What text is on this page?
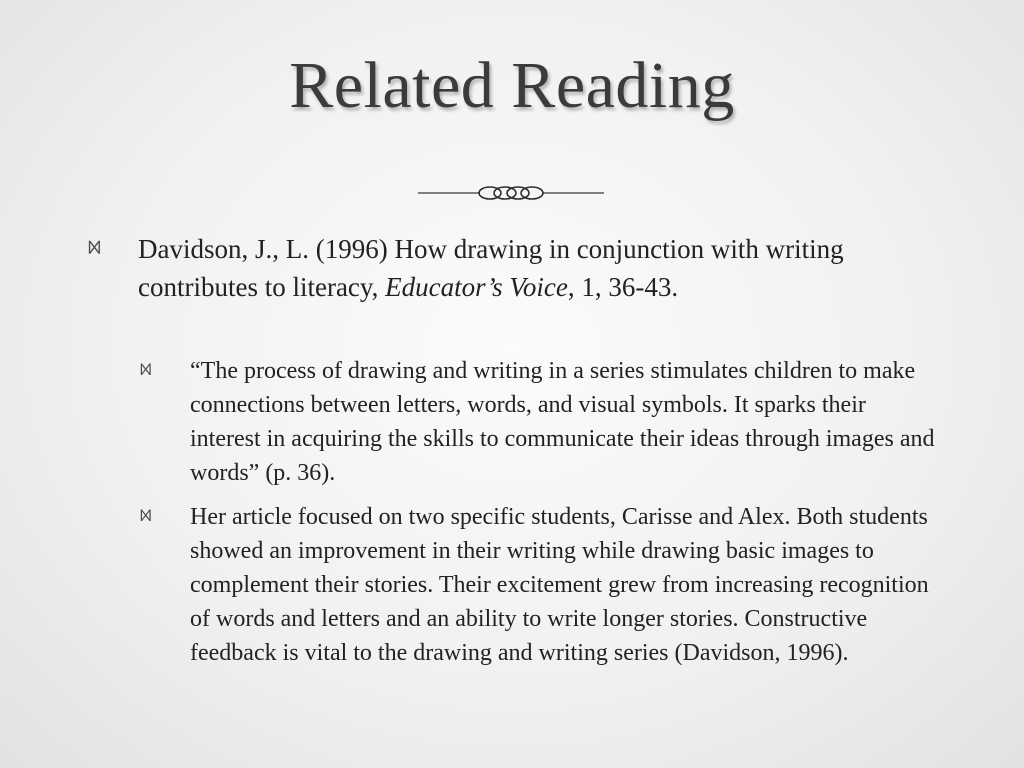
Related Reading
ᢂ	Davidson, J., L. (1996) How drawing in conjunction with writing contributes to literacy, Educator’s Voice, 1, 36-43.
ᢂ	“The process of drawing and writing in a series stimulates children to make connections between letters, words, and visual symbols. It sparks their interest in acquiring the skills to communicate their ideas through images and words” (p. 36).
ᢂ	Her article focused on two specific students, Carisse and Alex. Both students showed an improvement in their writing while drawing basic images to complement their stories. Their excitement grew from increasing recognition of words and letters and an ability to write longer stories. Constructive feedback is vital to the drawing and writing series (Davidson, 1996).
